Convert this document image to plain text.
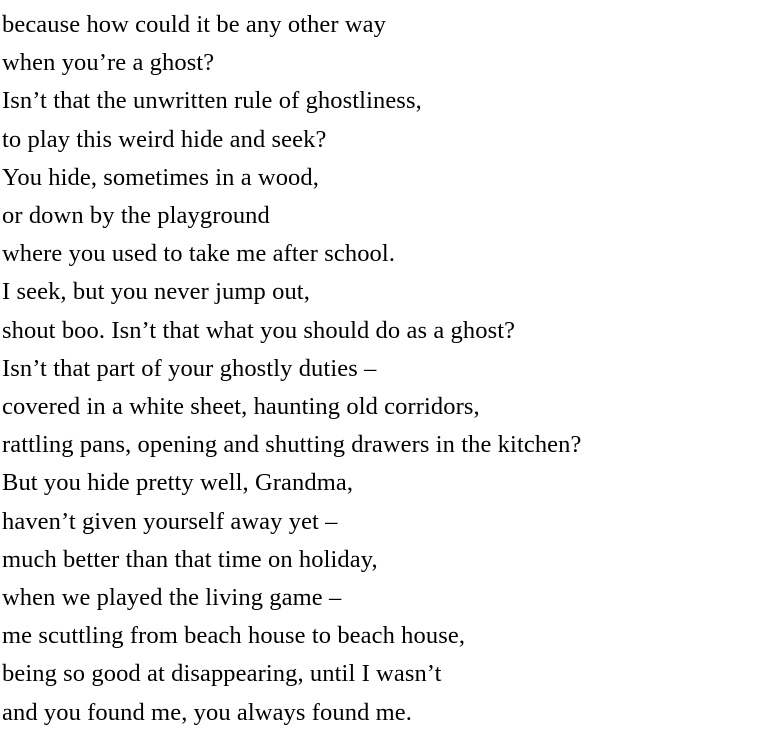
because how could it be any other way
when you’re a ghost?
Isn’t that the unwritten rule of ghostliness,
to play this weird hide and seek?
You hide, sometimes in a wood,
or down by the playground
where you used to take me after school.
I seek, but you never jump out,
shout boo. Isn’t that what you should do as a ghost?
Isn’t that part of your ghostly duties –
covered in a white sheet, haunting old corridors,
rattling pans, opening and shutting drawers in the kitchen?
But you hide pretty well, Grandma,
haven’t given yourself away yet –
much better than that time on holiday,
when we played the living game –
me scuttling from beach house to beach house,
being so good at disappearing, until I wasn’t
and you found me, you always found me.
